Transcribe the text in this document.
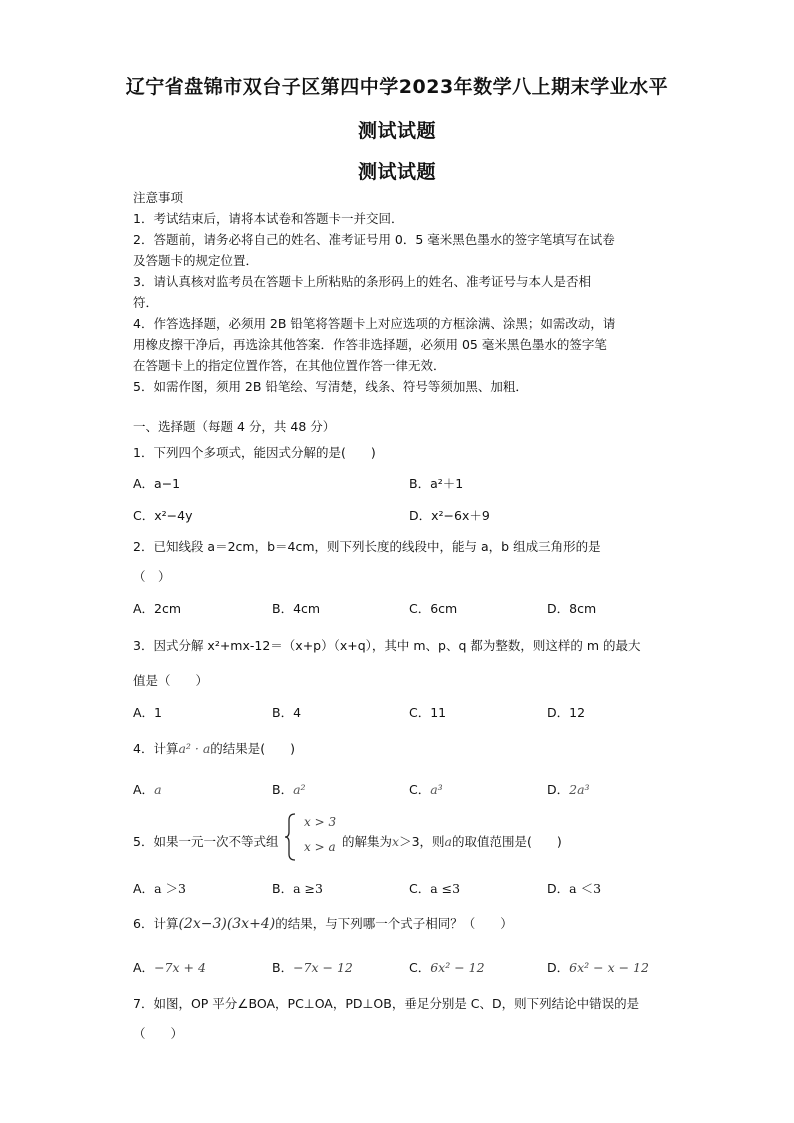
辽宁省盘锦市双台子区第四中学2023年数学八上期末学业水平
测试试题
测试试题
注意事项
1．考试结束后，请将本试卷和答题卡一并交回．
2．答题前，请务必将自己的姓名、准考证号用 0．5 毫米黑色墨水的签字笔填写在试卷
及答题卡的规定位置．
3．请认真核对监考员在答题卡上所粘贴的条形码上的姓名、准考证号与本人是否相
符．
4．作答选择题，必须用 2B 铅笔将答题卡上对应选项的方框涂满、涂黑；如需改动，请
用橡皮擦干净后，再选涂其他答案．作答非选择题，必须用 05 毫米黑色墨水的签字笔
在答题卡上的指定位置作答，在其他位置作答一律无效．
5．如需作图，须用 2B 铅笔绘、写清楚，线条、符号等须加黑、加粗．
一、选择题（每题 4 分，共 48 分）
1．下列四个多项式，能因式分解的是(　　)
A．a−1	B．a²＋1
C．x²−4y	D．x²−6x＋9
2．已知线段 a＝2cm，b＝4cm，则下列长度的线段中，能与 a，b 组成三角形的是
（　）
A．2cm	B．4cm	C．6cm	D．8cm
3．因式分解 x²+mx-12＝（x+p）（x+q），其中 m、p、q 都为整数，则这样的 m 的最大
值是（　　）
A．1	B．4	C．11	D．12
4．计算a² · a的结果是(　　)
A．a	B．a²	C．a³	D．2a³
5．如果一元一次不等式组
x > 3
x > a 的解集为x＞3，则a的取值范围是(　　)
A．a ＞3	B．a ≥3	C．a ≤3	D．a ＜3
6．计算(2x−3)(3x+4)的结果，与下列哪一个式子相同？（　　）
A．−7x + 4	B．−7x − 12	C．6x² − 12	D．6x² − x − 12
7．如图，OP 平分∠BOA，PC⊥OA，PD⊥OB，垂足分别是 C、D，则下列结论中错误的是
（　　）
